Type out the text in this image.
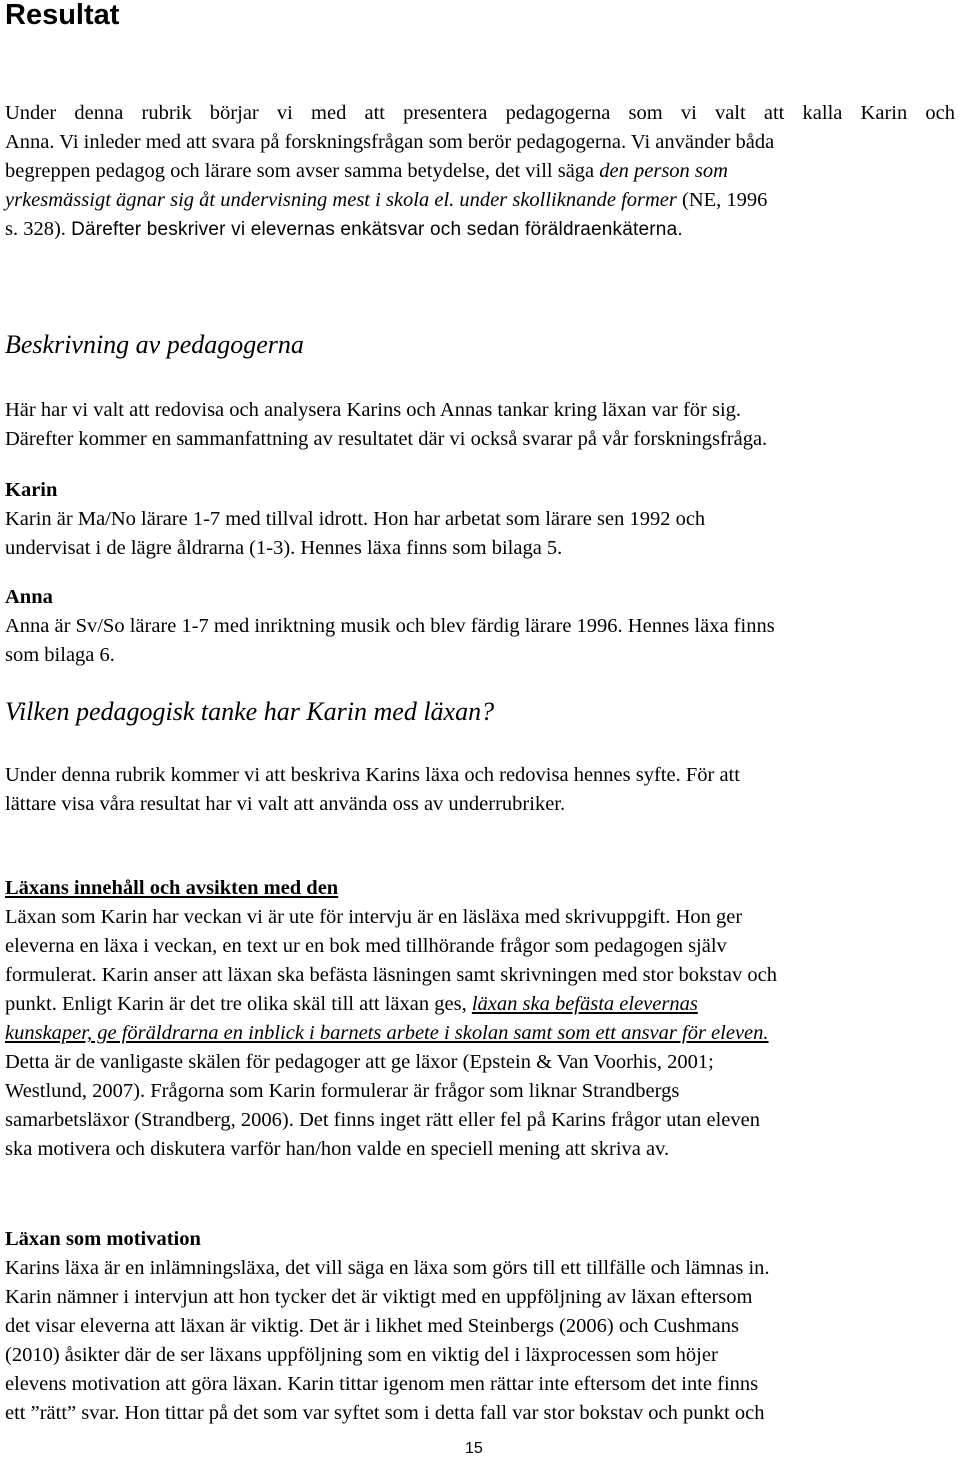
Resultat
Under denna rubrik börjar vi med att presentera pedagogerna som vi valt att kalla Karin och
Anna. Vi inleder med att svara på forskningsfrågan som berör pedagogerna. Vi använder båda
begreppen pedagog och lärare som avser samma betydelse, det vill säga den person som
yrkesmässigt ägnar sig åt undervisning mest i skola el. under skolliknande former (NE, 1996
s. 328). Därefter beskriver vi elevernas enkätsvar och sedan föräldraenkäterna.
Beskrivning av pedagogerna
Här har vi valt att redovisa och analysera Karins och Annas tankar kring läxan var för sig.
Därefter kommer en sammanfattning av resultatet där vi också svarar på vår forskningsfråga.
Karin
Karin är Ma/No lärare 1-7 med tillval idrott. Hon har arbetat som lärare sen 1992 och
undervisat i de lägre åldrarna (1-3). Hennes läxa finns som bilaga 5.
Anna
Anna är Sv/So lärare 1-7 med inriktning musik och blev färdig lärare 1996. Hennes läxa finns
som bilaga 6.
Vilken pedagogisk tanke har Karin med läxan?
Under denna rubrik kommer vi att beskriva Karins läxa och redovisa hennes syfte. För att
lättare visa våra resultat har vi valt att använda oss av underrubriker.
Läxans innehåll och avsikten med den
Läxan som Karin har veckan vi är ute för intervju är en läsläxa med skrivuppgift. Hon ger
eleverna en läxa i veckan, en text ur en bok med tillhörande frågor som pedagogen själv
formulerat. Karin anser att läxan ska befästa läsningen samt skrivningen med stor bokstav och
punkt. Enligt Karin är det tre olika skäl till att läxan ges, läxan ska befästa elevernas
kunskaper, ge föräldrarna en inblick i barnets arbete i skolan samt som ett ansvar för eleven.
Detta är de vanligaste skälen för pedagoger att ge läxor (Epstein & Van Voorhis, 2001;
Westlund, 2007). Frågorna som Karin formulerar är frågor som liknar Strandbergs
samarbetsläxor (Strandberg, 2006). Det finns inget rätt eller fel på Karins frågor utan eleven
ska motivera och diskutera varför han/hon valde en speciell mening att skriva av.
Läxan som motivation
Karins läxa är en inlämningsläxa, det vill säga en läxa som görs till ett tillfälle och lämnas in.
Karin nämner i intervjun att hon tycker det är viktigt med en uppföljning av läxan eftersom
det visar eleverna att läxan är viktig. Det är i likhet med Steinbergs (2006) och Cushmans
(2010) åsikter där de ser läxans uppföljning som en viktig del i läxprocessen som höjer
elevens motivation att göra läxan. Karin tittar igenom men rättar inte eftersom det inte finns
ett ”rätt” svar. Hon tittar på det som var syftet som i detta fall var stor bokstav och punkt och
15
